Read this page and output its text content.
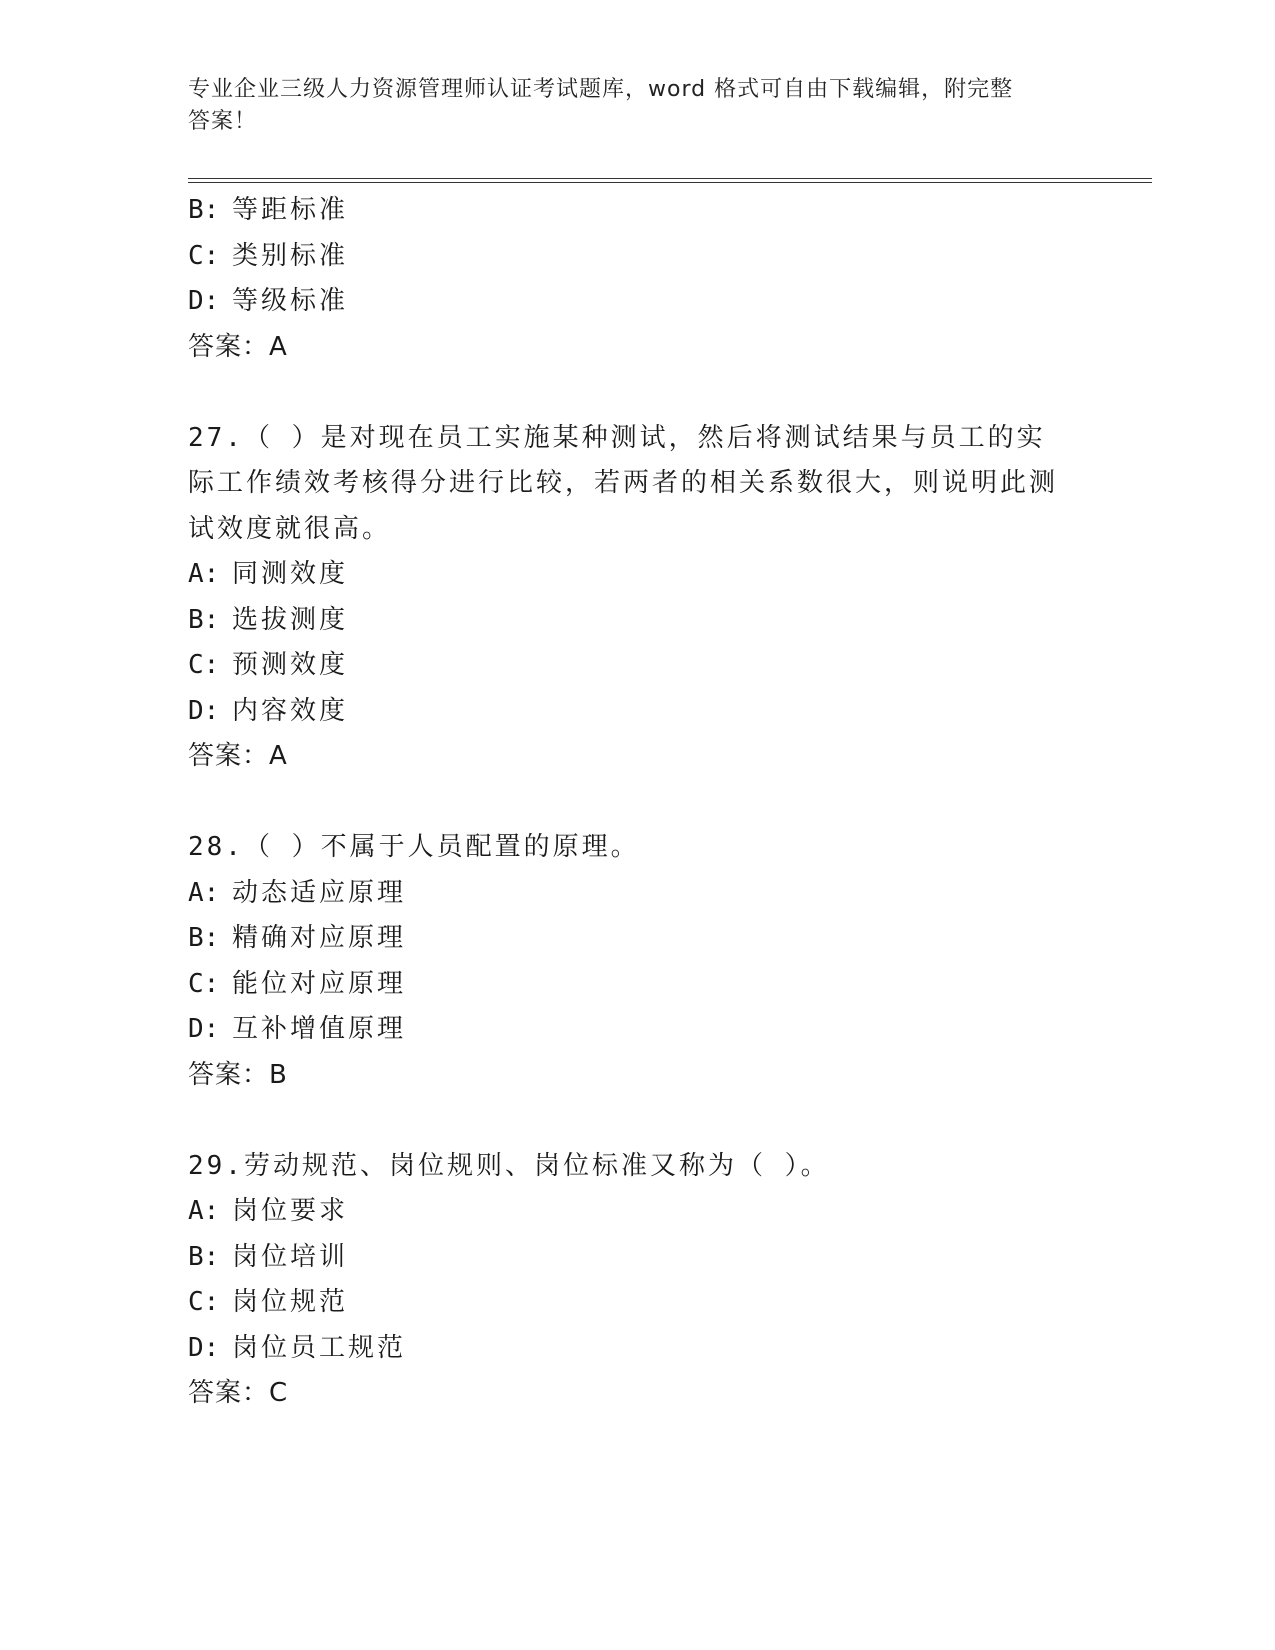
专业企业三级人力资源管理师认证考试题库，word 格式可自由下载编辑，附完整
答案！
B: 等距标准
C: 类别标准
D: 等级标准
答案：A
27.（ ）是对现在员工实施某种测试，然后将测试结果与员工的实
际工作绩效考核得分进行比较，若两者的相关系数很大，则说明此测
试效度就很高。
A: 同测效度
B: 选拔测度
C: 预测效度
D: 内容效度
答案：A
28.（ ）不属于人员配置的原理。
A: 动态适应原理
B: 精确对应原理
C: 能位对应原理
D: 互补增值原理
答案：B
29.劳动规范、岗位规则、岗位标准又称为（ ）。
A: 岗位要求
B: 岗位培训
C: 岗位规范
D: 岗位员工规范
答案：C
